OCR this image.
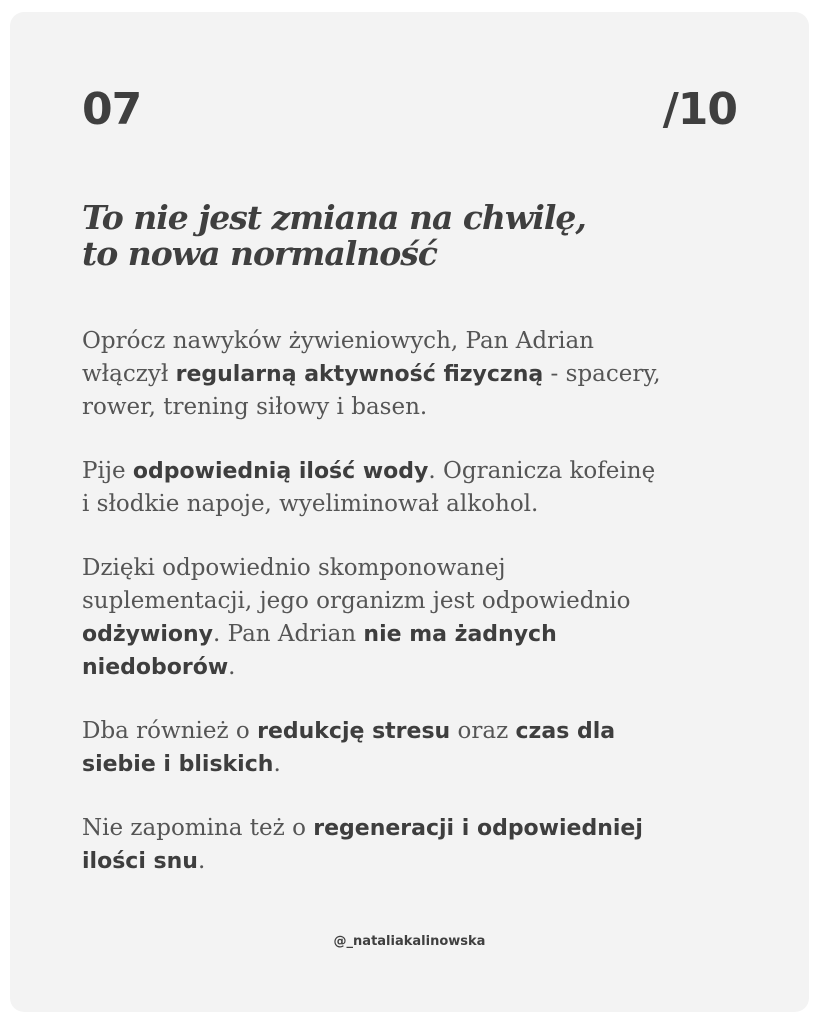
07	/10
To nie jest zmiana na chwilę,
to nowa normalność

Oprócz nawyków żywieniowych, Pan Adrian
włączył regularną aktywność fizyczną - spacery,
rower, trening siłowy i basen.

Pije odpowiednią ilość wody. Ogranicza kofeinę
i słodkie napoje, wyeliminował alkohol.

Dzięki odpowiednio skomponowanej
suplementacji, jego organizm jest odpowiednio
odżywiony. Pan Adrian nie ma żadnych
niedoborów.

Dba również o redukcję stresu oraz czas dla
siebie i bliskich.

Nie zapomina też o regeneracji i odpowiedniej
ilości snu.

@_nataliakalinowska
